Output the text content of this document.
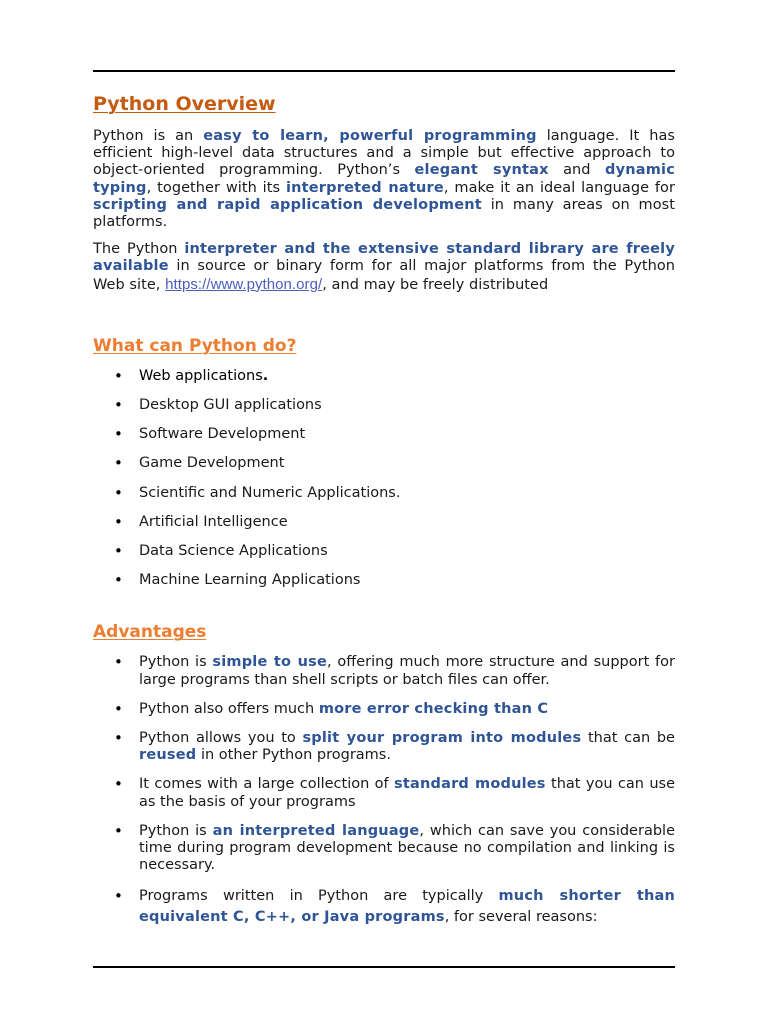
Python Overview

Python is an easy to learn, powerful programming language. It has efficient high-level data structures and a simple but effective approach to object-oriented programming. Python’s elegant syntax and dynamic typing, together with its interpreted nature, make it an ideal language for scripting and rapid application development in many areas on most platforms.

The Python interpreter and the extensive standard library are freely available in source or binary form for all major platforms from the Python Web site, https://www.python.org/, and may be freely distributed

What can Python do?
• Web applications.
• Desktop GUI applications
• Software Development
• Game Development
• Scientific and Numeric Applications.
• Artificial Intelligence
• Data Science Applications
• Machine Learning Applications
Advantages
• Python is simple to use, offering much more structure and support for large programs than shell scripts or batch files can offer.
• Python also offers much more error checking than C
• Python allows you to split your program into modules that can be reused in other Python programs.
• It comes with a large collection of standard modules that you can use as the basis of your programs
• Python is an interpreted language, which can save you considerable time during program development because no compilation and linking is necessary.
• Programs written in Python are typically much shorter than equivalent C, C++, or Java programs, for several reasons:
